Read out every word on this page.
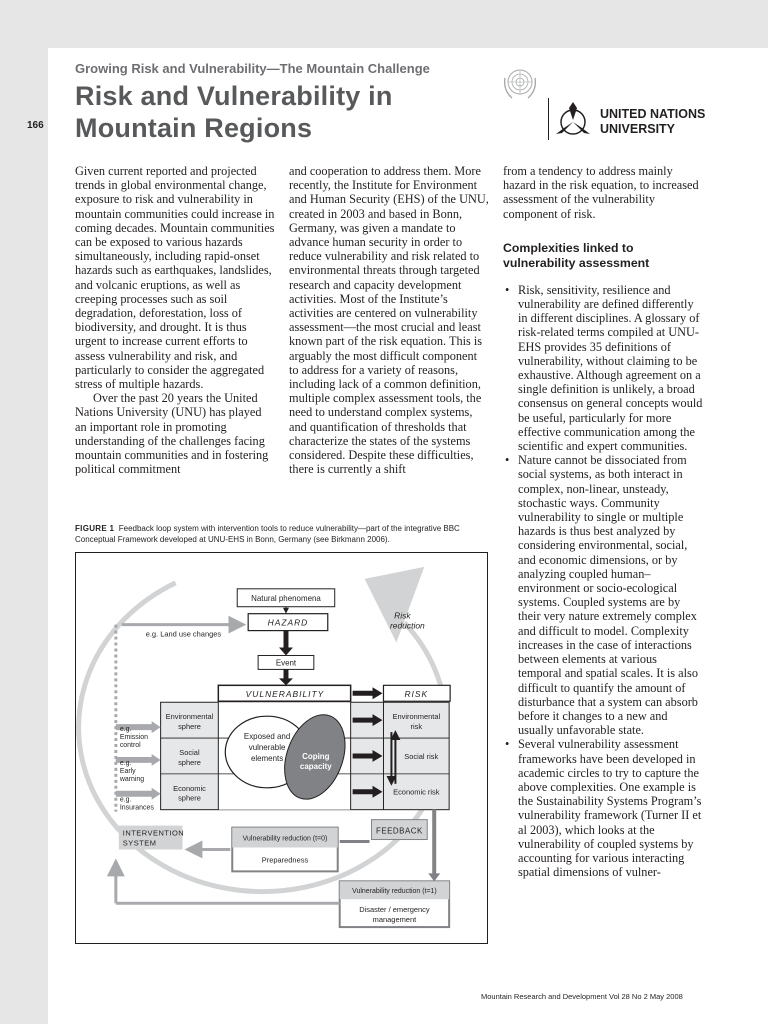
166
Growing Risk and Vulnerability—The Mountain Challenge
Risk and Vulnerability in
Mountain Regions	UNITED NATIONS
UNIVERSITY

Given current reported and projected trends in global environmental change, exposure to risk and vulnerability in mountain communities could increase in coming decades. Mountain communities can be exposed to various hazards simultaneously, including rapid-onset hazards such as earthquakes, landslides, and volcanic eruptions, as well as creeping processes such as soil degradation, deforestation, loss of biodiversity, and drought. It is thus urgent to increase current efforts to assess vulnerability and risk, and particularly to consider the aggregated stress of multiple hazards.

Over the past 20 years the United Nations University (UNU) has played an important role in promoting understanding of the challenges facing mountain communities and in fostering political commitment

and cooperation to address them. More recently, the Institute for Environment and Human Security (EHS) of the UNU, created in 2003 and based in Bonn, Germany, was given a mandate to advance human security in order to reduce vulnerability and risk related to environmental threats through targeted research and capacity development activities. Most of the Institute’s activities are centered on vulnerability assessment—the most crucial and least known part of the risk equation. This is arguably the most difficult component to address for a variety of reasons, including lack of a common definition, multiple complex assessment tools, the need to understand complex systems, and quantification of thresholds that characterize the states of the systems considered. Despite these difficulties, there is currently a shift

from a tendency to address mainly hazard in the risk equation, to increased assessment of the vulnerability component of risk.

Complexities linked to vulnerability assessment
• Risk, sensitivity, resilience and vulnerability are defined differently in different disciplines. A glossary of risk-related terms compiled at UNU-EHS provides 35 definitions of vulnerability, without claiming to be exhaustive. Although agreement on a single definition is unlikely, a broad consensus on general concepts would be useful, particularly for more effective communication among the scientific and expert communities.
• Nature cannot be dissociated from social systems, as both interact in complex, non-linear, unsteady, stochastic ways. Community vulnerability to single or multiple hazards is thus best analyzed by considering environmental, social, and economic dimensions, or by analyzing coupled human–environment or socio-ecological systems. Coupled systems are by their very nature extremely complex and difficult to model. Complexity increases in the case of interactions between elements at various temporal and spatial scales. It is also difficult to quantify the amount of disturbance that a system can absorb before it changes to a new and usually unfavorable state.
• Several vulnerability assessment frameworks have been developed in academic circles to try to capture the above complexities. One example is the Sustainability Systems Program’s vulnerability framework (Turner II et al 2003), which looks at the vulnerability of coupled systems by accounting for various interacting spatial dimensions of vulner-
FIGURE 1 Feedback loop system with intervention tools to reduce vulnerability—part of the integrative BBC Conceptual Framework developed at UNU-EHS in Bonn, Germany (see Birkmann 2006).
Risk
reduction
Natural phenomena
HAZARD
Event
e.g. Land use changes
VULNERABILITY	RISK
Environmental
sphere
Social
sphere
Economic
sphere
Exposed and
vulnerable
elements Coping
capacity
Environmental
risk
Social risk
Economic risk
e.g.
Emission
control
e.g.
Early
warning
e.g.
Insurances
INTERVENTION
SYSTEM
FEEDBACK
Vulnerability reduction (t=0)
Preparedness
Vulnerability reduction (t=1)
Disaster / emergency
management
Mountain Research and Development Vol 28 No 2 May 2008
